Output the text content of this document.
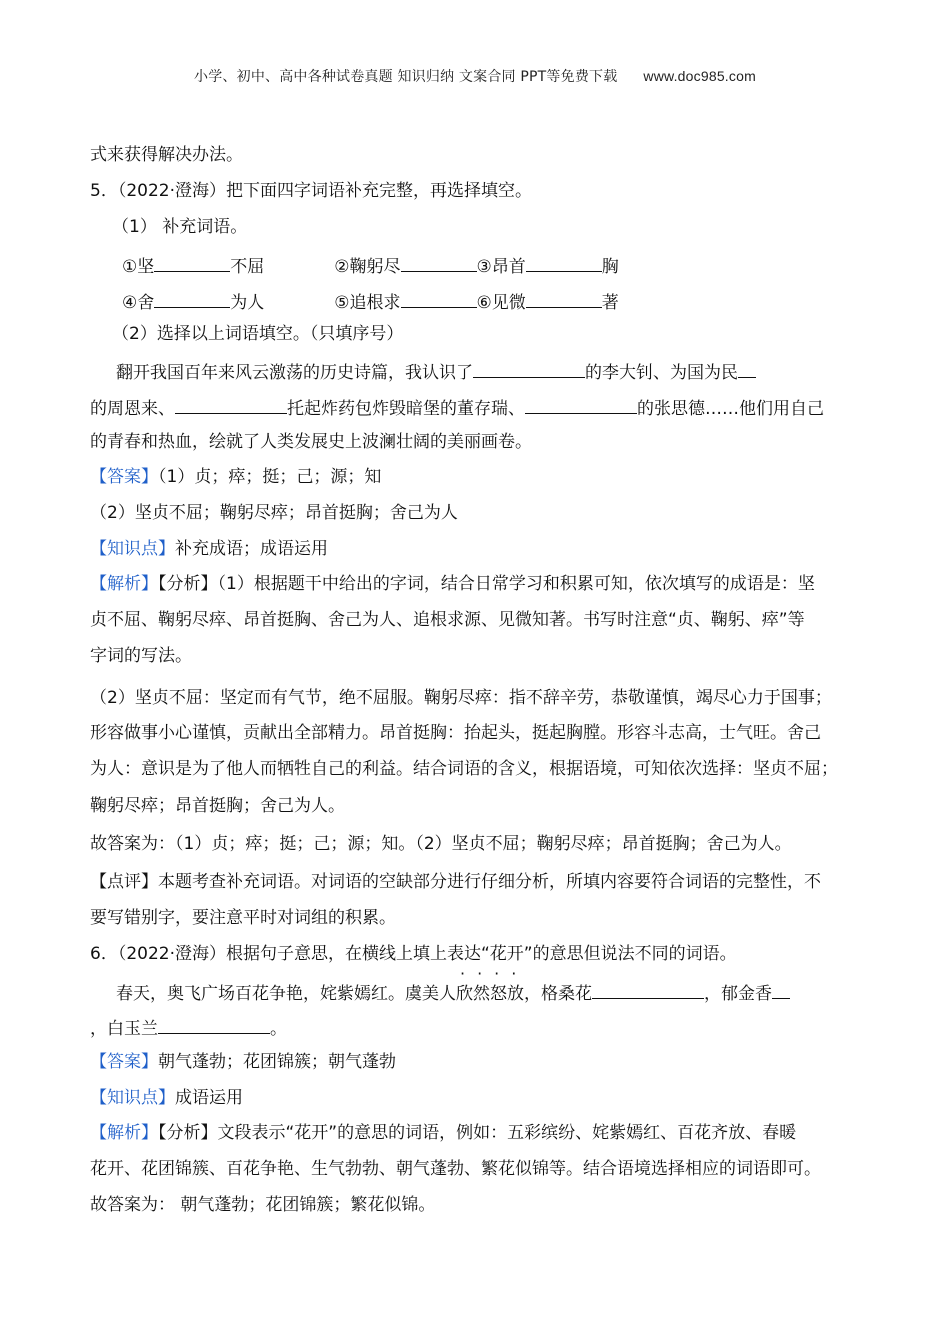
小学、初中、高中各种试卷真题 知识归纳 文案合同 PPT等免费下载 www.doc985.com
式来获得解决办法。
5．（2022·澄海）把下面四字词语补充完整，再选择填空。
（1） 补充词语。
①坚	不屈	②鞠躬尽	③昂首	胸
④舍	为人	⑤追根求	⑥见微	著
（2）选择以上词语填空。（只填序号）
翻开我国百年来风云激荡的历史诗篇，我认识了	的李大钊、为国为民
的周恩来、	托起炸药包炸毁暗堡的董存瑞、	的张思德……他们用自己
的青春和热血，绘就了人类发展史上波澜壮阔的美丽画卷。
【答案】（1）贞；瘁；挺；己；源；知
（2）坚贞不屈；鞠躬尽瘁；昂首挺胸；舍己为人
【知识点】补充成语；成语运用
【解析】【分析】（1）根据题干中给出的字词，结合日常学习和积累可知，依次填写的成语是：坚
贞不屈、鞠躬尽瘁、昂首挺胸、舍己为人、追根求源、见微知著。书写时注意“贞、鞠躬、瘁”等
字词的写法。
（2）坚贞不屈：坚定而有气节，绝不屈服。鞠躬尽瘁：指不辞辛劳，恭敬谨慎，竭尽心力于国事；
形容做事小心谨慎，贡献出全部精力。昂首挺胸：抬起头，挺起胸膛。形容斗志高，士气旺。舍己
为人：意识是为了他人而牺牲自己的利益。结合词语的含义，根据语境，可知依次选择：坚贞不屈；
鞠躬尽瘁；昂首挺胸；舍己为人。
故答案为：（1）贞；瘁；挺；己；源；知。（2）坚贞不屈；鞠躬尽瘁；昂首挺胸；舍己为人。
【点评】本题考查补充词语。对词语的空缺部分进行仔细分析，所填内容要符合词语的完整性，不
要写错别字，要注意平时对词组的积累。
6．（2022·澄海）根据句子意思，在横线上填上表达“花开”的意思但说法不同的词语。
春天，奥飞广场百花争艳，姹紫嫣红。虞美人· · · · 欣然怒放，格桑花	，郁金香
，白玉兰	。
【答案】朝气蓬勃；花团锦簇；朝气蓬勃
【知识点】成语运用
【解析】【分析】文段表示“花开”的意思的词语，例如：五彩缤纷、姹紫嫣红、百花齐放、春暖
花开、花团锦簇、百花争艳、生气勃勃、朝气蓬勃、繁花似锦等。结合语境选择相应的词语即可。
故答案为： 朝气蓬勃；花团锦簇；繁花似锦。
